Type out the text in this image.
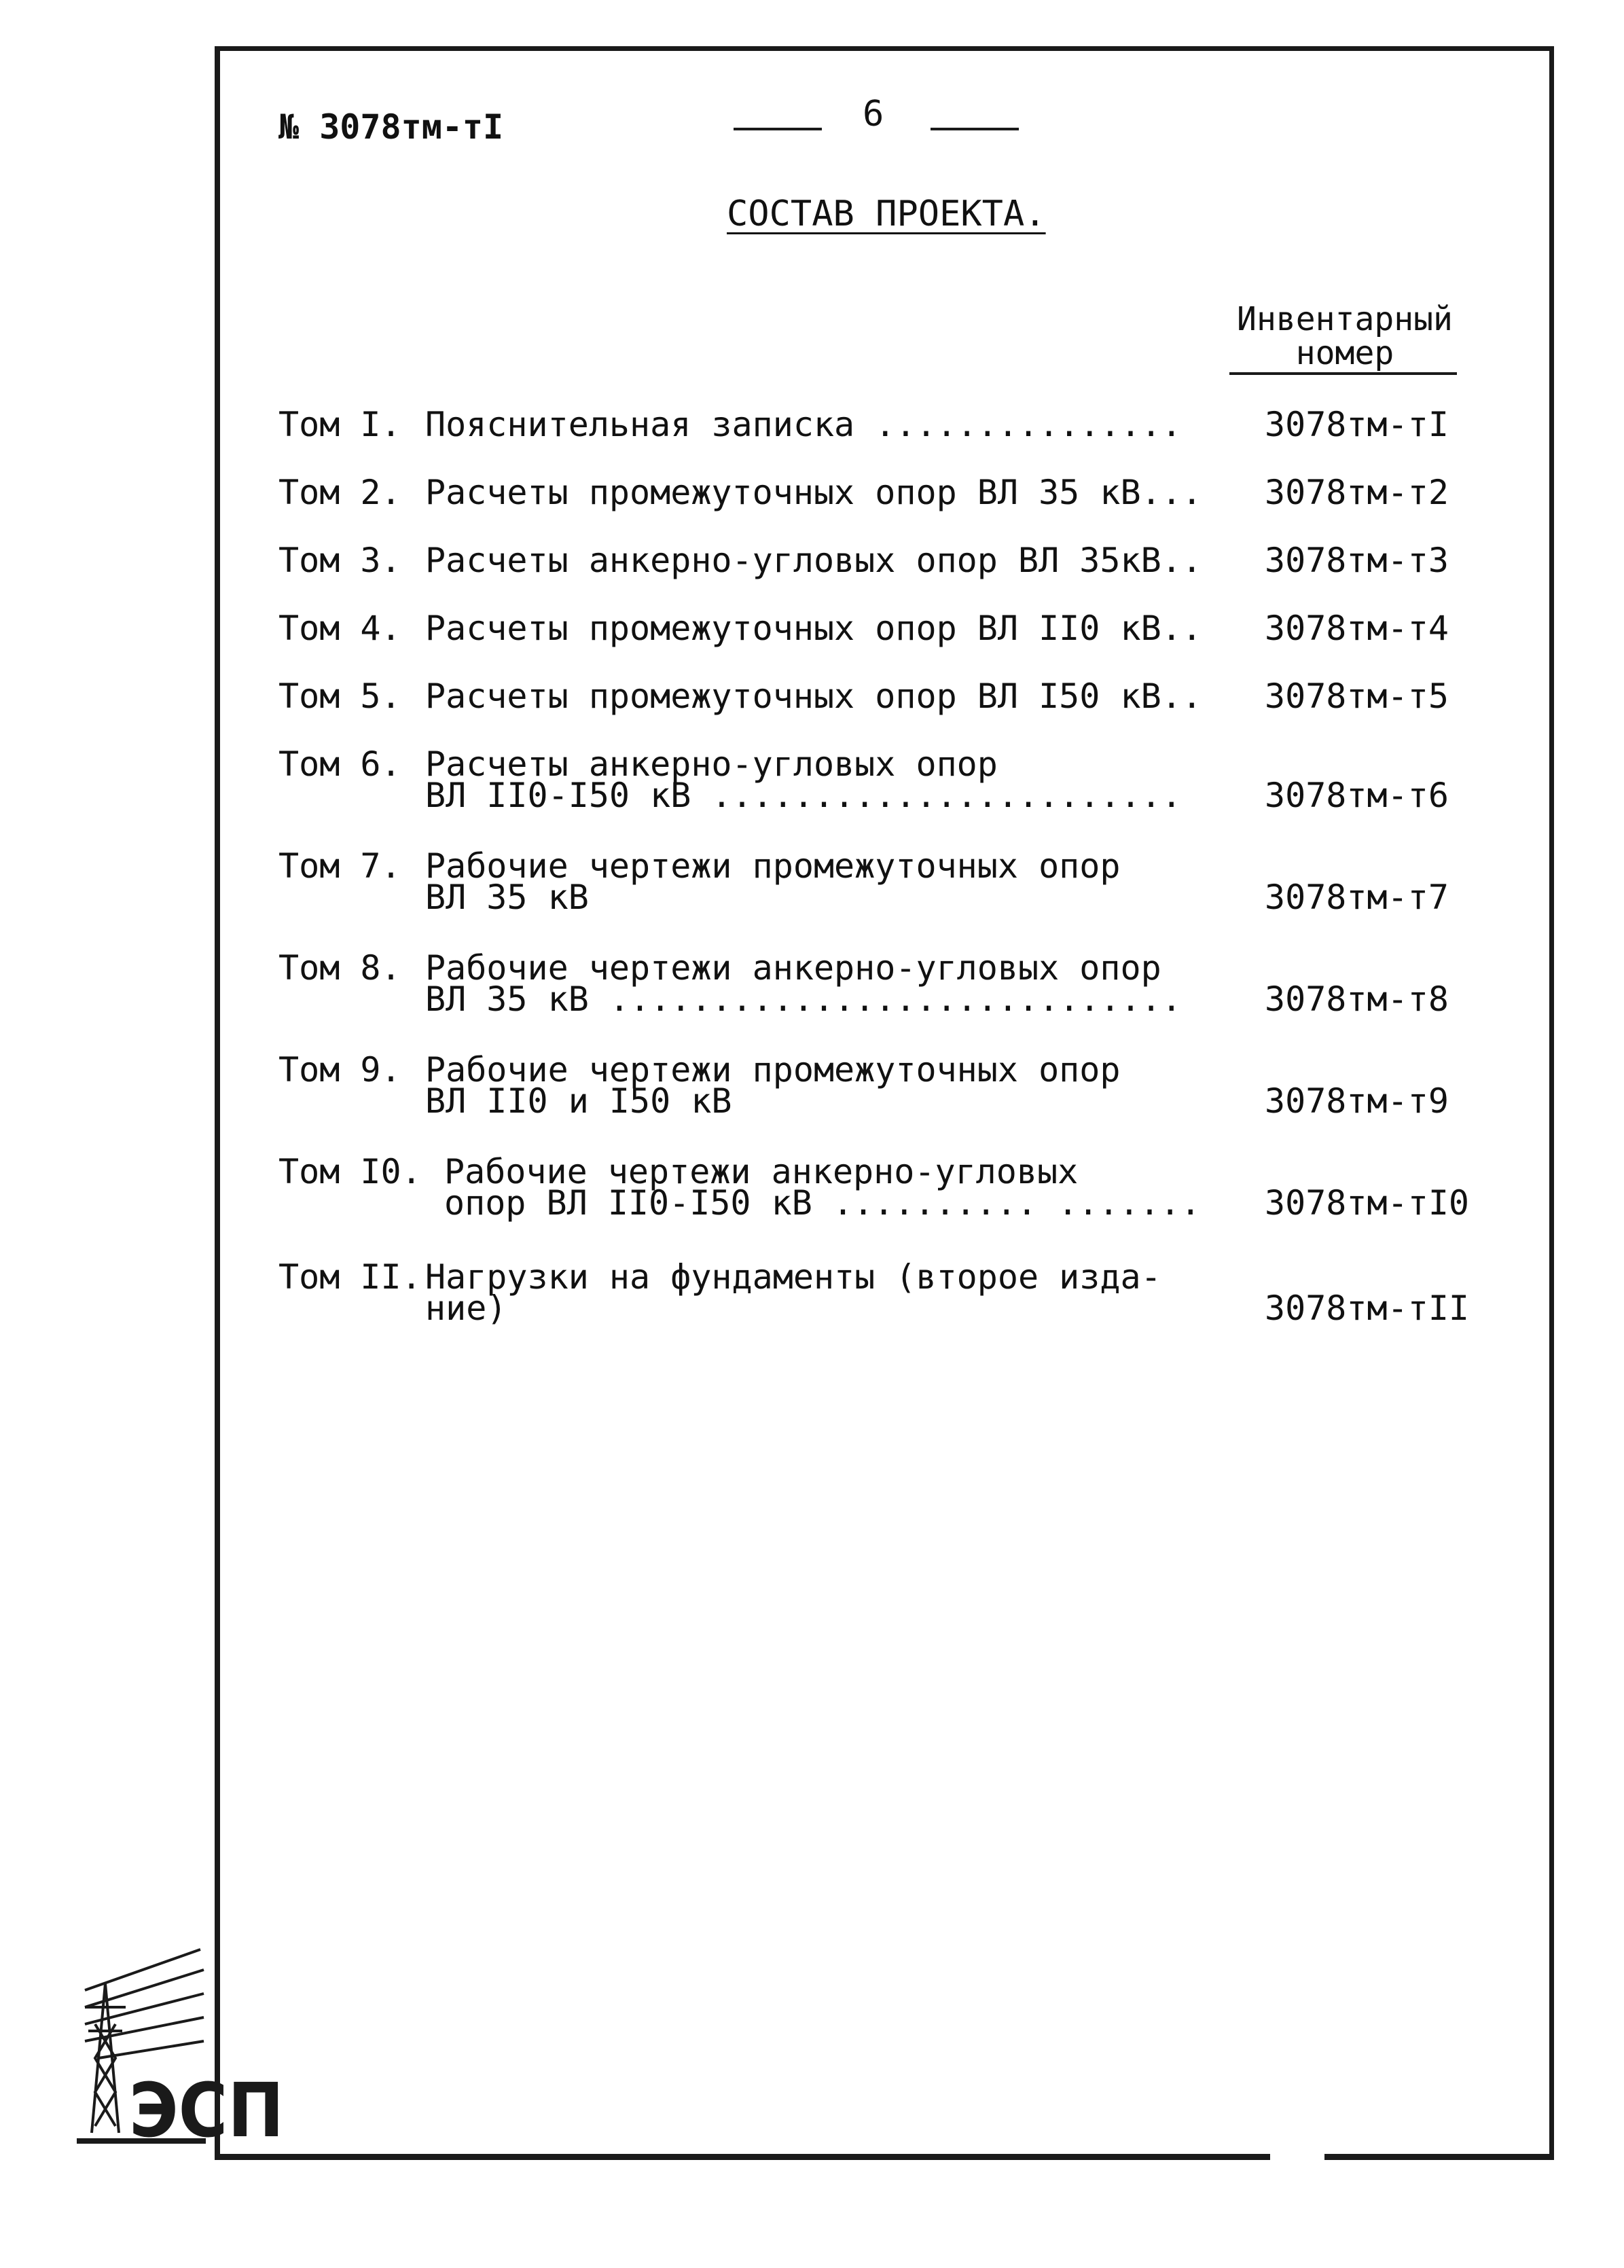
№ 3078тм-тI	6
СОСТАВ ПРОЕКТА.
Инвентарный
номер
Том I. Пояснительная записка ............... 3078тм-тI
Том 2. Расчеты промежуточных опор ВЛ 35 кВ... 3078тм-т2
Том 3. Расчеты анкерно-угловых опор ВЛ 35кВ.. 3078тм-т3
Том 4. Расчеты промежуточных опор ВЛ II0 кВ.. 3078тм-т4
Том 5. Расчеты промежуточных опор ВЛ I50 кВ.. 3078тм-т5
Том 6. Расчеты анкерно-угловых опор
ВЛ II0-I50 кВ ....................... 3078тм-т6
Том 7. Рабочие чертежи промежуточных опор
ВЛ 35 кВ	3078тм-т7
Том 8. Рабочие чертежи анкерно-угловых опор
ВЛ 35 кВ ............................ 3078тм-т8
Том 9. Рабочие чертежи промежуточных опор
ВЛ II0 и I50 кВ	3078тм-т9
Том I0. Рабочие чертежи анкерно-угловых
опор ВЛ II0-I50 кВ .......... ....... 3078тм-тI0
Том II. Нагрузки на фундаменты (второе изда-
ние)	3078тм-тII
ЭСП
